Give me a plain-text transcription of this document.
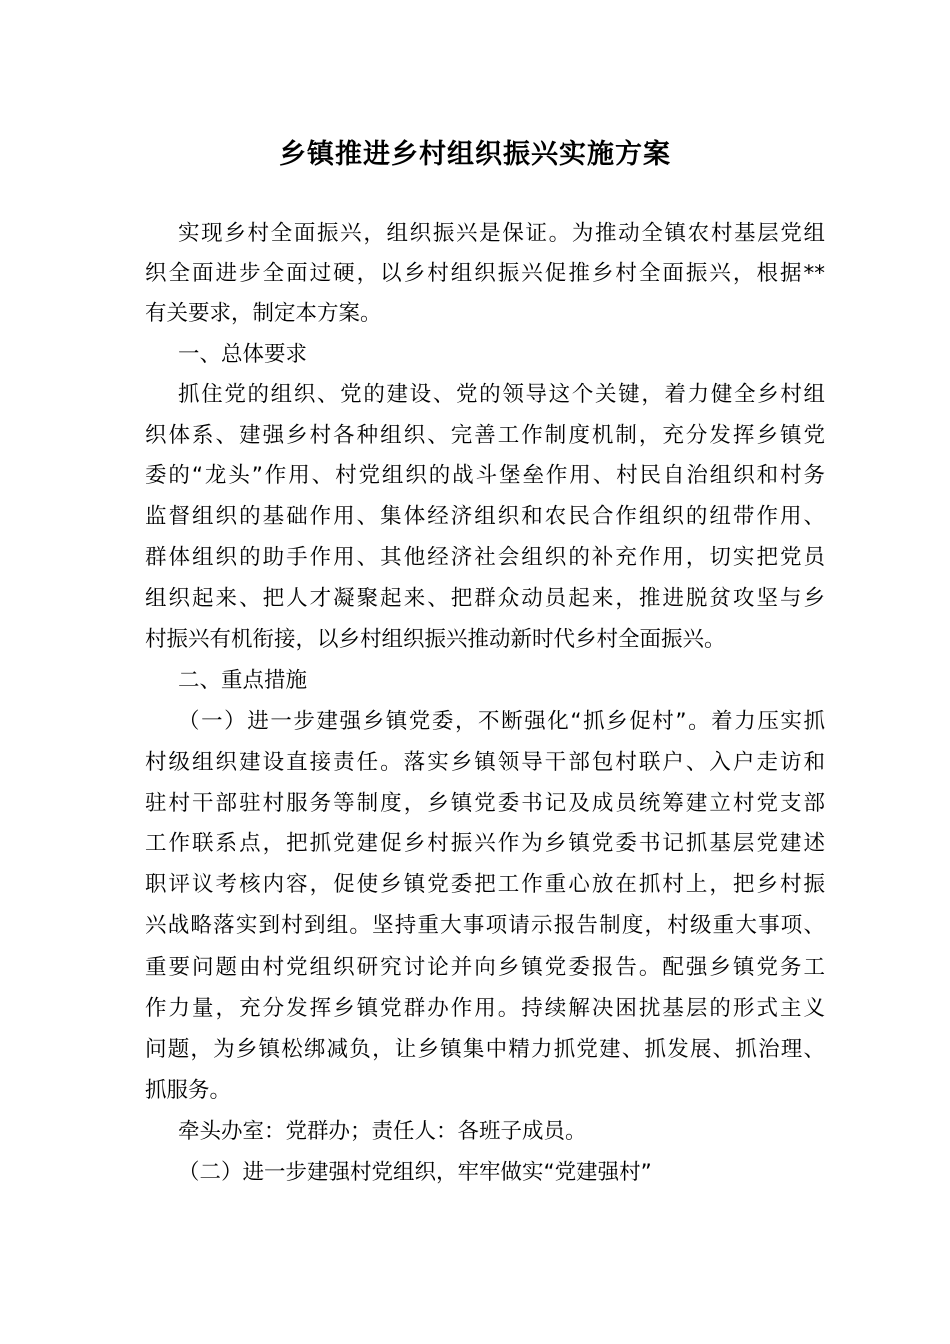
乡镇推进乡村组织振兴实施方案

实现乡村全面振兴，组织振兴是保证。为推动全镇农村基层党组

织全面进步全面过硬，以乡村组织振兴促推乡村全面振兴，根据**

有关要求，制定本方案。

一、总体要求

抓住党的组织、党的建设、党的领导这个关键，着力健全乡村组

织体系、建强乡村各种组织、完善工作制度机制，充分发挥乡镇党

委的“龙头”作用、村党组织的战斗堡垒作用、村民自治组织和村务

监督组织的基础作用、集体经济组织和农民合作组织的纽带作用、

群体组织的助手作用、其他经济社会组织的补充作用，切实把党员

组织起来、把人才凝聚起来、把群众动员起来，推进脱贫攻坚与乡

村振兴有机衔接，以乡村组织振兴推动新时代乡村全面振兴。

二、重点措施

（一）进一步建强乡镇党委，不断强化“抓乡促村”。着力压实抓

村级组织建设直接责任。落实乡镇领导干部包村联户、入户走访和

驻村干部驻村服务等制度，乡镇党委书记及成员统筹建立村党支部

工作联系点，把抓党建促乡村振兴作为乡镇党委书记抓基层党建述

职评议考核内容，促使乡镇党委把工作重心放在抓村上，把乡村振

兴战略落实到村到组。坚持重大事项请示报告制度，村级重大事项、

重要问题由村党组织研究讨论并向乡镇党委报告。配强乡镇党务工

作力量，充分发挥乡镇党群办作用。持续解决困扰基层的形式主义

问题，为乡镇松绑减负，让乡镇集中精力抓党建、抓发展、抓治理、

抓服务。

牵头办室：党群办；责任人：各班子成员。

（二）进一步建强村党组织，牢牢做实“党建强村”
